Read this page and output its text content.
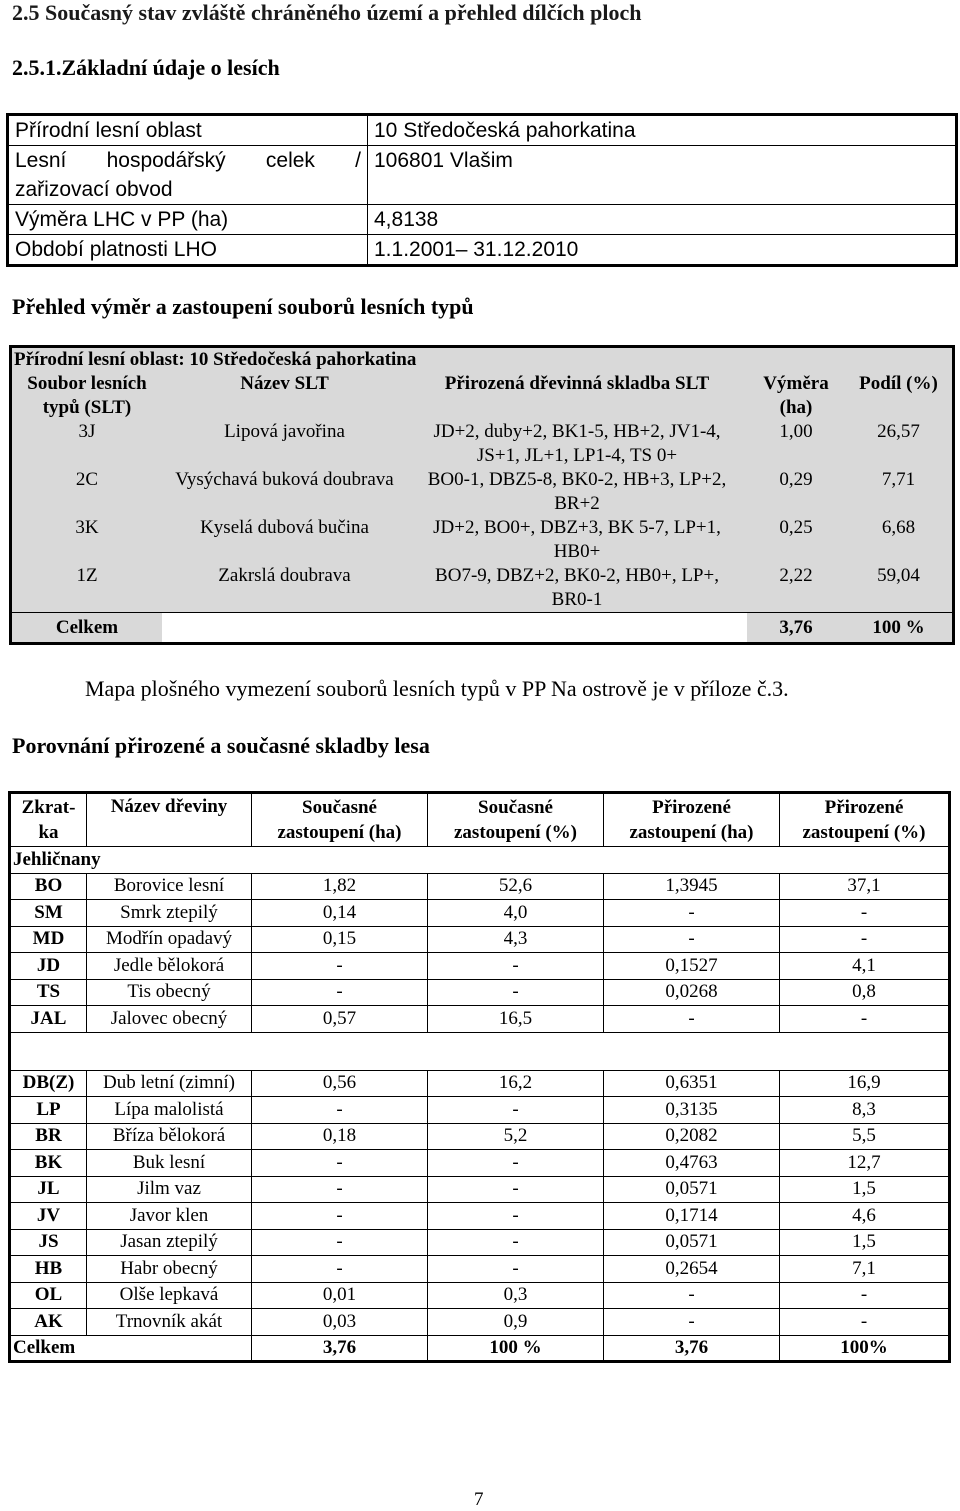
2.5 Současný stav zvláště chráněného území a přehled dílčích ploch
2.5.1.Základní údaje o lesích
Přírodní lesní oblast	10 Středočeská pahorkatina

Lesní hospodářský celek /
zařizovací obvod	106801 Vlašim
Výměra LHC v PP (ha)	4,8138
Období platnosti LHO	1.1.2001– 31.12.2010
Přehled výměr a zastoupení souborů lesních typů
Přírodní lesní oblast: 10 Středočeská pahorkatina				
Soubor lesních
typů (SLT)	Název SLT	Přirozená dřevinná skladba SLT	Výměra
(ha)	Podíl (%)
3J	Lipová javořina	JD+2, duby+2, BK1-5, HB+2, JV1-4,
JS+1, JL+1, LP1-4, TS 0+	1,00	26,57
2C	Vysýchavá buková doubrava	BO0-1, DBZ5-8, BK0-2, HB+3, LP+2,
BR+2	0,29	7,71
3K	Kyselá dubová bučina	JD+2, BO0+, DBZ+3, BK 5-7, LP+1,
HB0+	0,25	6,68
1Z	Zakrslá doubrava	BO7-9, DBZ+2, BK0-2, HB0+, LP+,
BR0-1	2,22	59,04
Celkem			3,76	100 %
Mapa plošného vymezení souborů lesních typů v PP Na ostrově je v příloze č.3.
Porovnání přirozené a současné skladby lesa
Zkrat-
ka	Název dřeviny	Současné
zastoupení (ha)	Současné
zastoupení (%)	Přirozené
zastoupení (ha)	Přirozené
zastoupení (%)
Jehličnany					
BO	Borovice lesní	1,82	52,6	1,3945	37,1
SM	Smrk ztepilý	0,14	4,0	-	-
MD	Modřín opadavý	0,15	4,3	-	-
JD	Jedle bělokorá	-	-	0,1527	4,1
TS	Tis obecný	-	-	0,0268	0,8
JAL	Jalovec obecný	0,57	16,5	-	-

DB(Z)	Dub letní (zimní)	0,56	16,2	0,6351	16,9
LP	Lípa malolistá	-	-	0,3135	8,3
BR	Bříza bělokorá	0,18	5,2	0,2082	5,5
BK	Buk lesní	-	-	0,4763	12,7
JL	Jilm vaz	-	-	0,0571	1,5
JV	Javor klen	-	-	0,1714	4,6
JS	Jasan ztepilý	-	-	0,0571	1,5
HB	Habr obecný	-	-	0,2654	7,1
OL	Olše lepkavá	0,01	0,3	-	-
AK	Trnovník akát	0,03	0,9	-	-
Celkem		3,76	100 %	3,76	100%
7
